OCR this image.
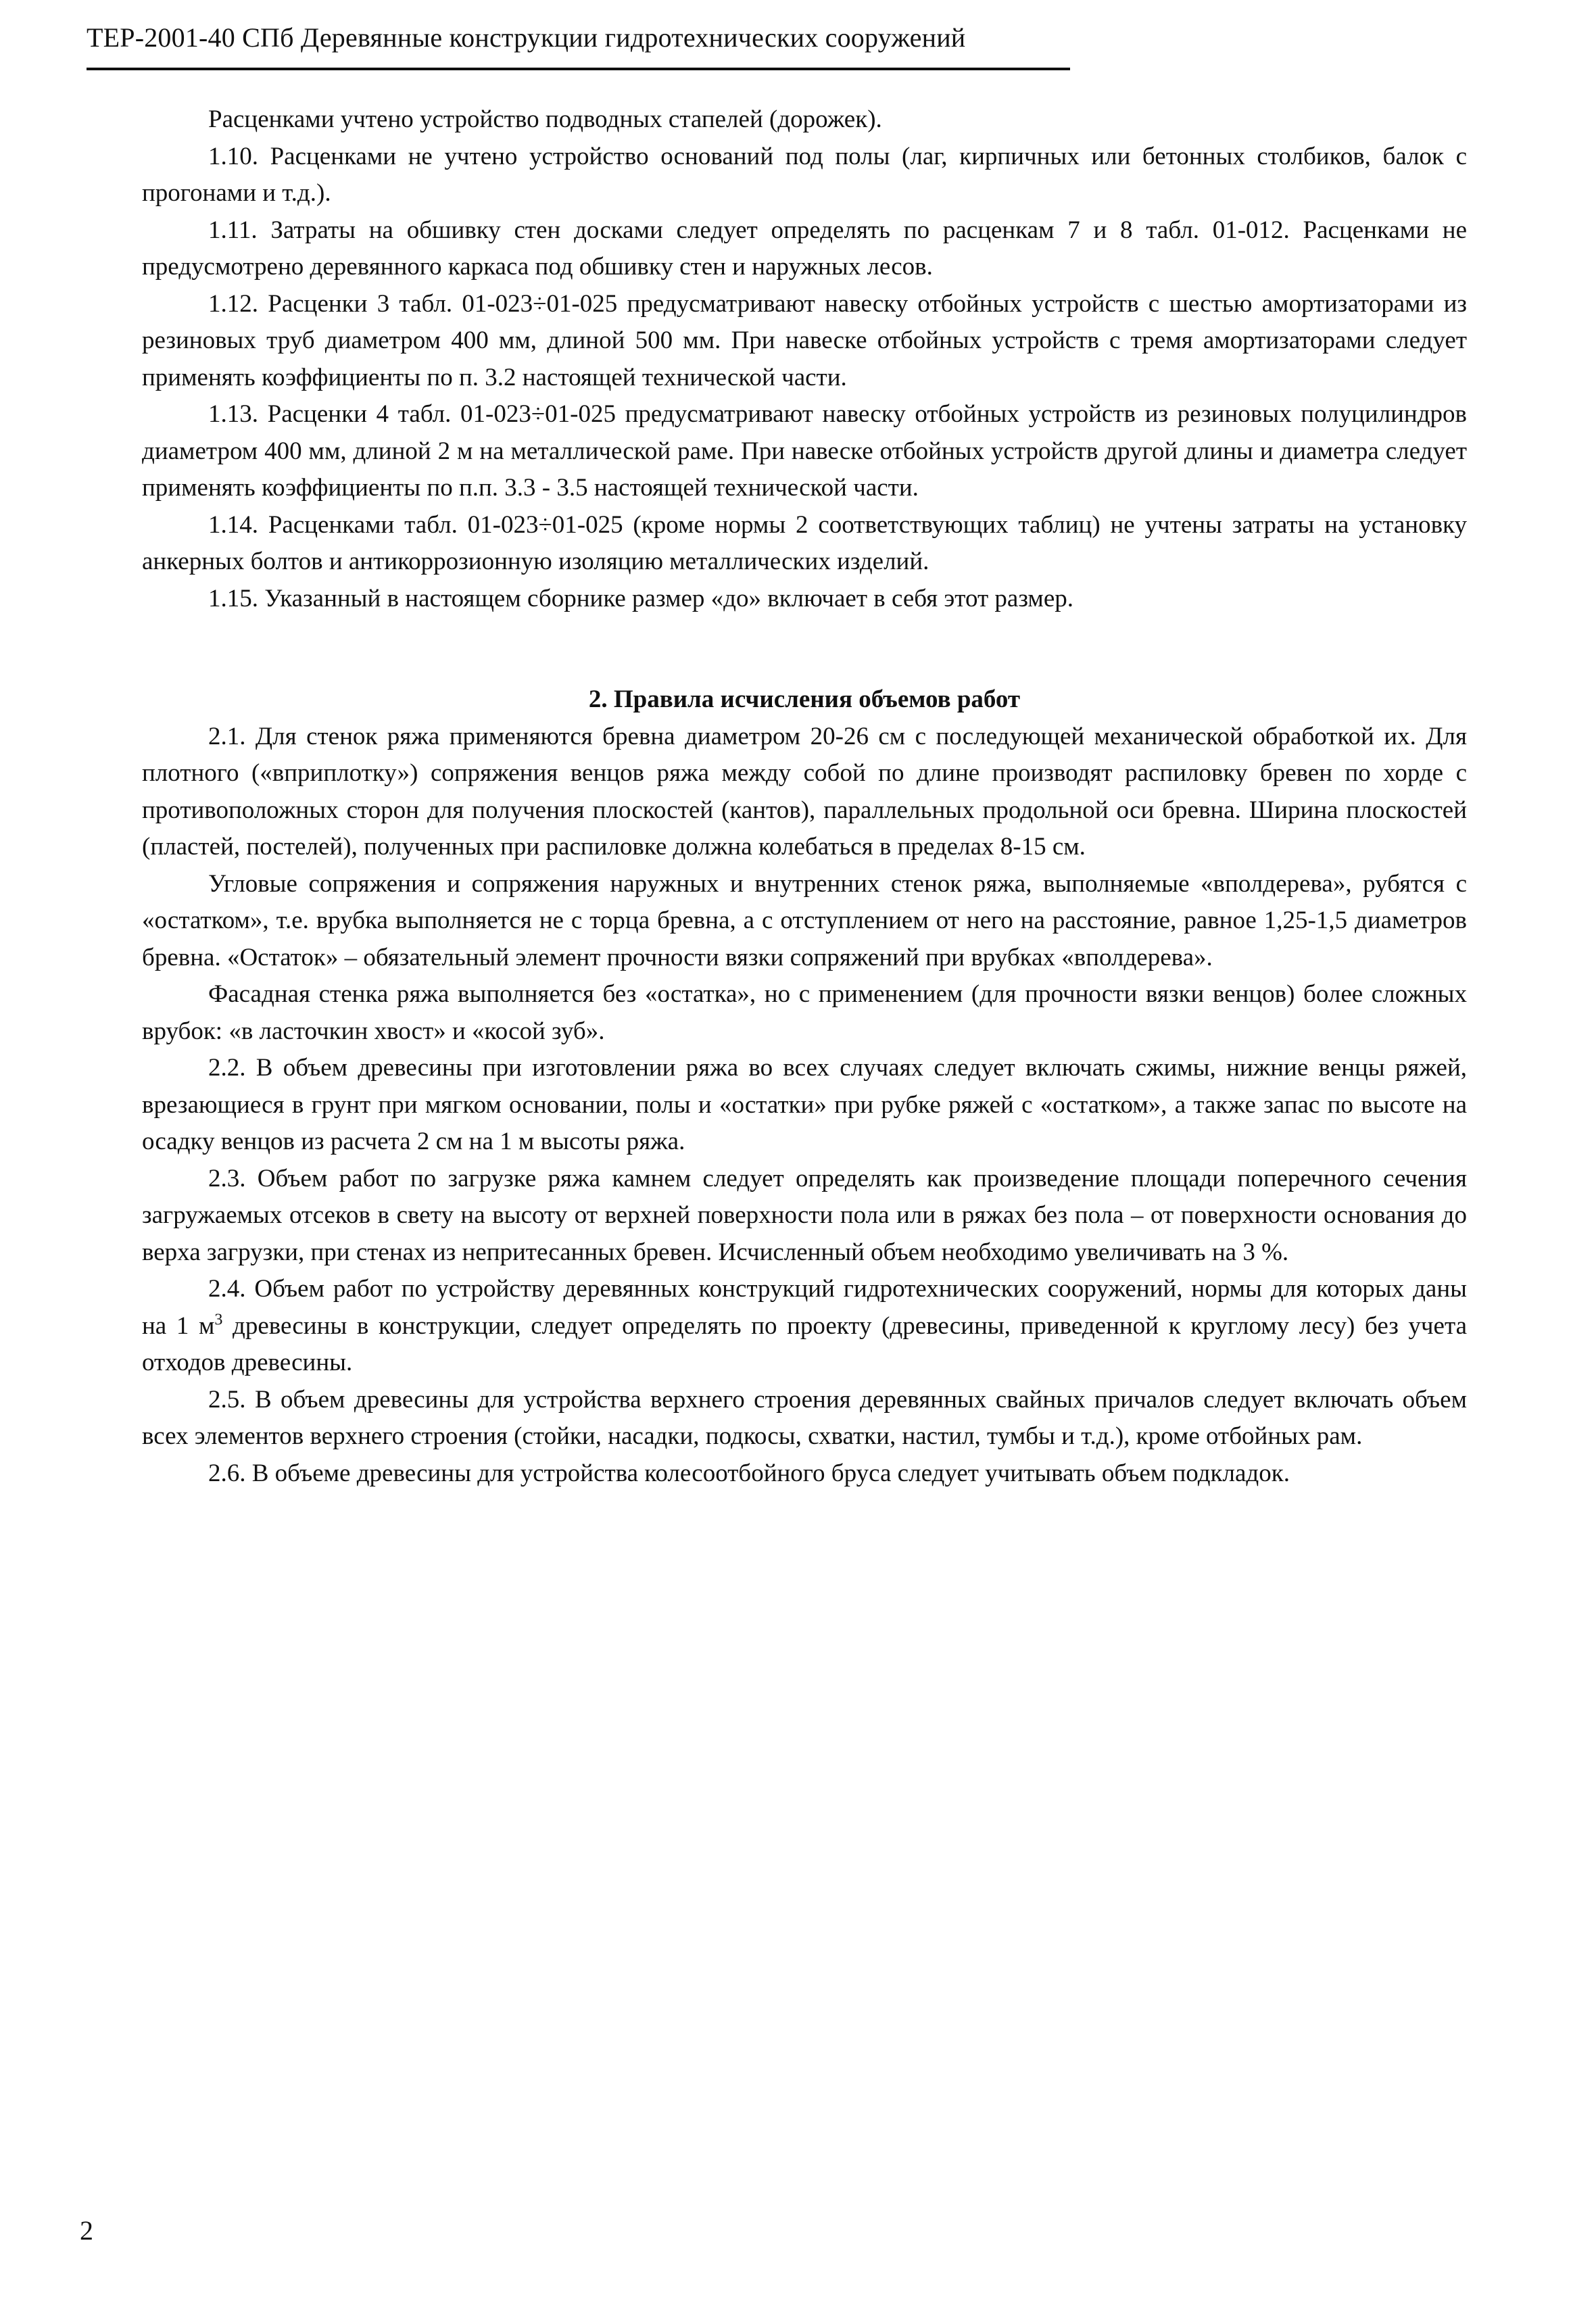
ТЕР-2001-40 СПб Деревянные конструкции гидротехнических сооружений

Расценками учтено устройство подводных стапелей (дорожек).

1.10. Расценками не учтено устройство оснований под полы (лаг, кирпичных или бетонных столбиков, балок с прогонами и т.д.).

1.11. Затраты на обшивку стен досками следует определять по расценкам 7 и 8 табл. 01-012. Расценками не предусмотрено деревянного каркаса под обшивку стен и наружных лесов.

1.12. Расценки 3 табл. 01-023÷01-025 предусматривают навеску отбойных устройств с шестью амортизаторами из резиновых труб диаметром 400 мм, длиной 500 мм. При навеске отбойных устройств с тремя амортизаторами следует применять коэффициенты по п. 3.2 настоящей технической части.

1.13. Расценки 4 табл. 01-023÷01-025 предусматривают навеску отбойных устройств из резиновых полуцилиндров диаметром 400 мм, длиной 2 м на металлической раме. При навеске отбойных устройств другой длины и диаметра следует применять коэффициенты по п.п. 3.3 - 3.5 настоящей технической части.

1.14. Расценками табл. 01-023÷01-025 (кроме нормы 2 соответствующих таблиц) не учтены затраты на установку анкерных болтов и антикоррозионную изоляцию металлических изделий.

1.15. Указанный в настоящем сборнике размер «до» включает в себя этот размер.

2. Правила исчисления объемов работ

2.1. Для стенок ряжа применяются бревна диаметром 20-26 см с последующей механической обработкой их. Для плотного («вприплотку») сопряжения венцов ряжа между собой по длине производят распиловку бревен по хорде с противоположных сторон для получения плоскостей (кантов), параллельных продольной оси бревна. Ширина плоскостей (пластей, постелей), полученных при распиловке должна колебаться в пределах 8-15 см.

Угловые сопряжения и сопряжения наружных и внутренних стенок ряжа, выполняемые «вполдерева», рубятся с «остатком», т.е. врубка выполняется не с торца бревна, а с отступлением от него на расстояние, равное 1,25-1,5 диаметров бревна. «Остаток» – обязательный элемент прочности вязки сопряжений при врубках «вполдерева».

Фасадная стенка ряжа выполняется без «остатка», но с применением (для прочности вязки венцов) более сложных врубок: «в ласточкин хвост» и «косой зуб».

2.2. В объем древесины при изготовлении ряжа во всех случаях следует включать сжимы, нижние венцы ряжей, врезающиеся в грунт при мягком основании, полы и «остатки» при рубке ряжей с «остатком», а также запас по высоте на осадку венцов из расчета 2 см на 1 м высоты ряжа.

2.3. Объем работ по загрузке ряжа камнем следует определять как произведение площади поперечного сечения загружаемых отсеков в свету на высоту от верхней поверхности пола или в ряжах без пола – от поверхности основания до верха загрузки, при стенах из непритесанных бревен. Исчисленный объем необходимо увеличивать на 3 %.

2.4. Объем работ по устройству деревянных конструкций гидротехнических сооружений, нормы для которых даны на 1 $м^3$ древесины в конструкции, следует определять по проекту (древесины, приведенной к круглому лесу) без учета отходов древесины.

2.5. В объем древесины для устройства верхнего строения деревянных свайных причалов следует включать объем всех элементов верхнего строения (стойки, насадки, подкосы, схватки, настил, тумбы и т.д.), кроме отбойных рам.

2.6. В объеме древесины для устройства колесоотбойного бруса следует учитывать объем подкладок.

2
